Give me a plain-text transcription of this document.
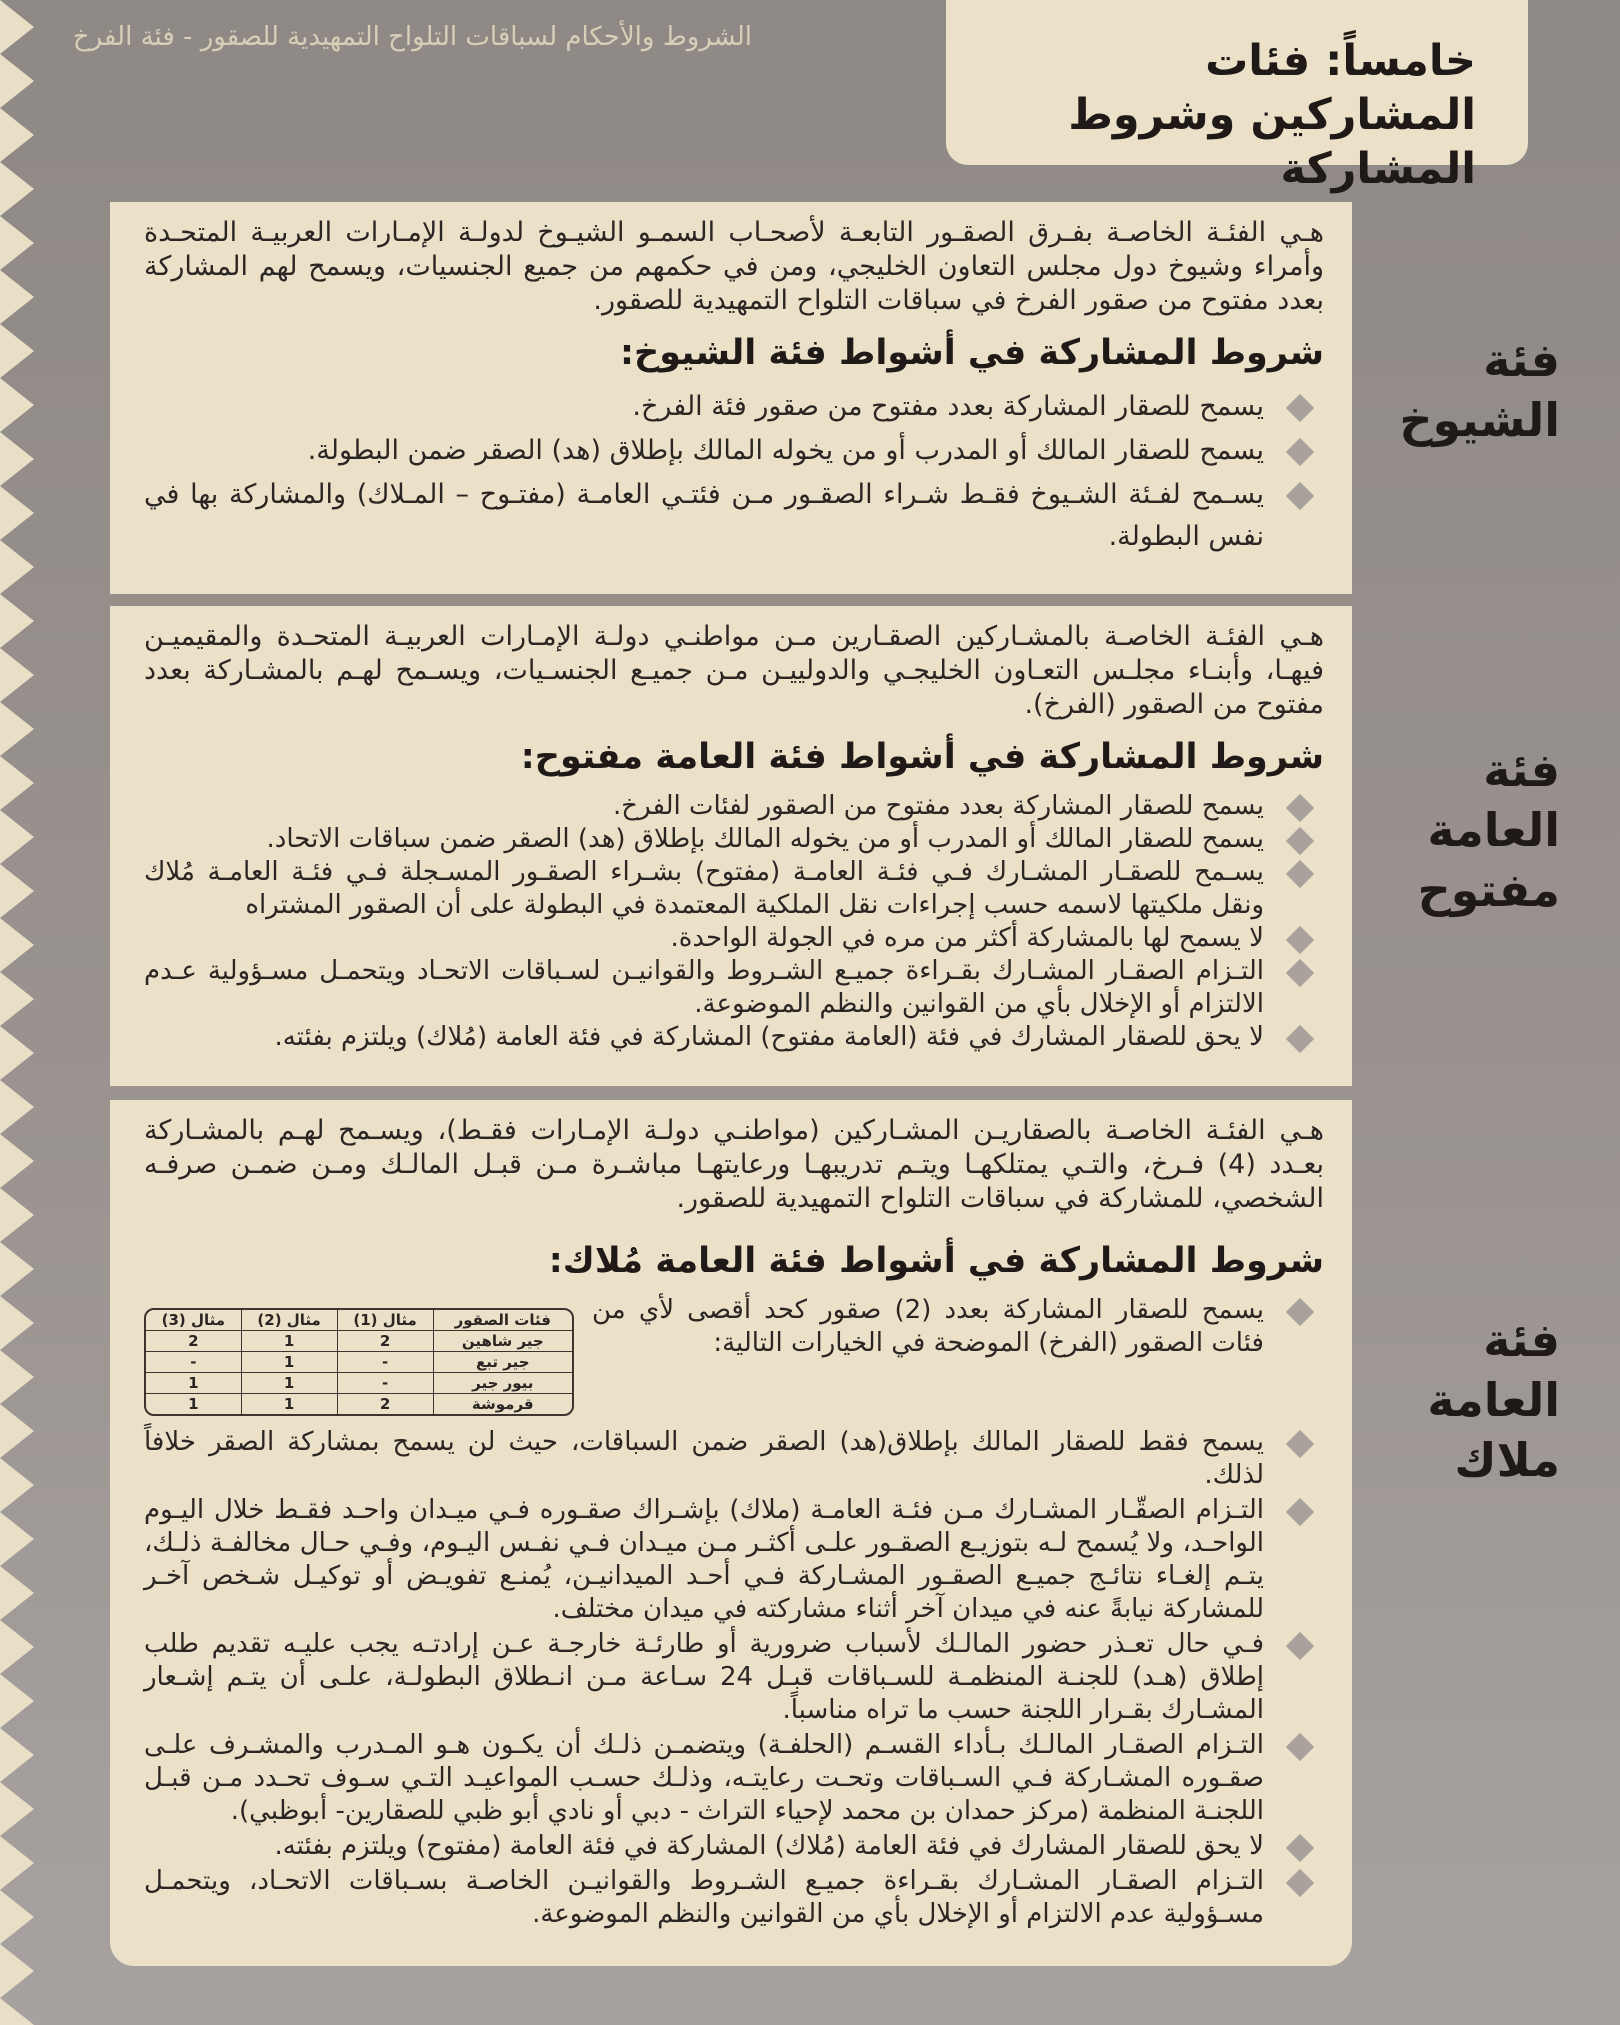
الشروط والأحكام لسباقات التلواح التمهيدية للصقور - فئة الفرخ	خامساً: فئات المشاركين وشروط المشاركة
فئة الشيوخ

هـي الفئـة الخاصـة بفـرق الصقـور التابعـة لأصحـاب السمـو الشيـوخ لدولـة الإمـارات العربيـة المتحـدة وأمراء وشيوخ دول مجلس التعاون الخليجي، ومن في حكمهم من جميع الجنسيات، ويسمح لهم المشاركة بعدد مفتوح من صقور الفرخ في سباقات التلواح التمهيدية للصقور.

شروط المشاركة في أشواط فئة الشيوخ:
يسمح للصقار المشاركة بعدد مفتوح من صقور فئة الفرخ.
يسمح للصقار المالك أو المدرب أو من يخوله المالك بإطلاق (هد) الصقر ضمن البطولة.
يسـمح لفـئة الشـيوخ فقـط شـراء الصقـور مـن فئتـي العامـة (مفتـوح – المـلاك) والمشاركة بها في نفس البطولة.
فئة العامة مفتوح

هـي الفئـة الخاصـة بالمشـاركين الصقـارين مـن مواطنـي دولـة الإمـارات العربيـة المتحـدة والمقيميـن فيهـا، وأبنـاء مجلـس التعـاون الخليجـي والدولييـن مـن جميـع الجنسـيات، ويسـمح لهـم بالمشـاركة بعدد مفتوح من الصقور (الفرخ).

شروط المشاركة في أشواط فئة العامة مفتوح:
يسمح للصقار المشاركة بعدد مفتوح من الصقور لفئات الفرخ.
يسمح للصقار المالك أو المدرب أو من يخوله المالك بإطلاق (هد) الصقر ضمن سباقات الاتحاد.
يسـمح للصقـار المشـارك فـي فئـة العامـة (مفتوح) بشـراء الصقـور المسـجلة فـي فئـة العامـة مُلاك ونقل ملكيتها لاسمه حسب إجراءات نقل الملكية المعتمدة في البطولة على أن الصقور المشتراه
لا يسمح لها بالمشاركة أكثر من مره في الجولة الواحدة.
التـزام الصقـار المشـارك بقـراءة جميـع الشـروط والقوانيـن لسـباقات الاتحـاد ويتحمـل مسـؤولية عـدم الالتزام أو الإخلال بأي من القوانين والنظم الموضوعة.
لا يحق للصقار المشارك في فئة (العامة مفتوح) المشاركة في فئة العامة (مُلاك) ويلتزم بفئته.
فئة العامة ملاك

هـي الفئـة الخاصـة بالصقاريـن المشـاركين (مواطنـي دولـة الإمـارات فقـط)، ويسـمح لهـم بالمشـاركة بعـدد (4) فـرخ، والتـي يمتلكهـا ويتـم تدريبهـا ورعايتهـا مباشـرة مـن قبـل المالـك ومـن ضمـن صرفـه الشخصي، للمشاركة في سباقات التلواح التمهيدية للصقور.

شروط المشاركة في أشواط فئة العامة مُلاك:
يسمح للصقار المشاركة بعدد (2) صقور كحد أقصى لأي من فئات الصقور (الفرخ) الموضحة في الخيارات التالية:
فئات الصقور	مثال (1)	مثال (2)	مثال (3)
جير شاهين	2	1	2
جير تبع	-	1	-
بيور جير	-	1	1
قرموشة	2	1	1
يسمح فقط للصقار المالك بإطلاق(هد) الصقر ضمن السباقات، حيث لن يسمح بمشاركة الصقر خلافاً لذلك.
التـزام الصقّـار المشـارك مـن فئـة العامـة (ملاك) بإشـراك صقـوره فـي ميـدان واحـد فقـط خلال اليـوم الواحـد، ولا يُسمح لـه بتوزيـع الصقـور علـى أكثـر مـن ميـدان فـي نفـس اليـوم، وفـي حـال مخالفـة ذلـك، يتـم إلغـاء نتائـج جميـع الصقـور المشـاركة فـي أحـد الميدانيـن، يُمنـع تفويـض أو توكيـل شـخص آخـر للمشاركة نيابةً عنه في ميدان آخر أثناء مشاركته في ميدان مختلف.
فـي حال تعـذر حضور المالـك لأسباب ضرورية أو طارئـة خارجـة عـن إرادتـه يجب عليـه تقديم طلب إطلاق (هـد) للجنـة المنظمـة للسـباقات قبـل 24 سـاعة مـن انـطلاق البطولـة، علـى أن يتـم إشـعار المشـارك بقـرار اللجنة حسب ما تراه مناسباً.
التـزام الصقـار المالـك بـأداء القسـم (الحلفـة) ويتضمـن ذلـك أن يكـون هـو المـدرب والمشـرف علـى صقـوره المشـاركة فـي السـباقات وتحـت رعايتـه، وذلـك حسـب المواعيـد التـي سـوف تحـدد مـن قبـل اللجنـة المنظمة (مركز حمدان بن محمد لإحياء التراث - دبي أو نادي أبو ظبي للصقارين- أبوظبي).
لا يحق للصقار المشارك في فئة العامة (مُلاك) المشاركة في فئة العامة (مفتوح) ويلتزم بفئته.
التـزام الصقـار المشـارك بقـراءة جميـع الشـروط والقوانيـن الخاصـة بسـباقات الاتحـاد، ويتحمـل مسـؤولية عدم الالتزام أو الإخلال بأي من القوانين والنظم الموضوعة.
